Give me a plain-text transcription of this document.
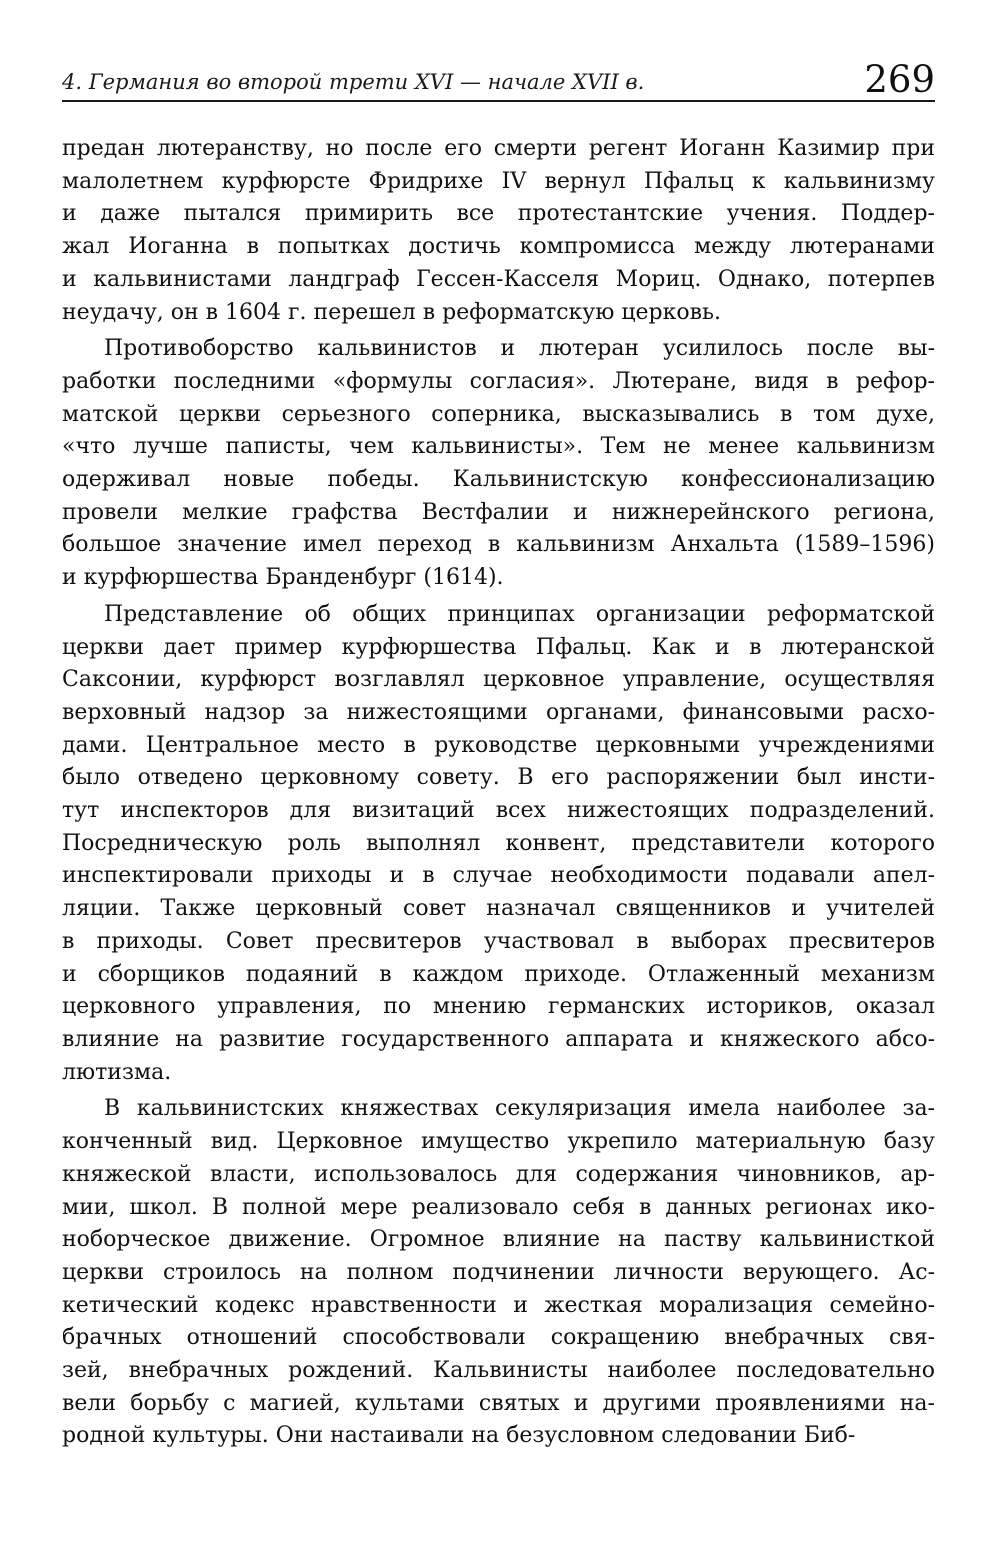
4. Германия во второй трети XVI — начале XVII в.	269

предан лютеранству, но после его смерти регент Иоганн Казимир при
малолетнем курфюрсте Фридрихе IV вернул Пфальц к кальвинизму
и даже пытался примирить все протестантские учения. Поддер-
жал Иоганна в попытках достичь компромисса между лютеранами
и кальвинистами ландграф Гессен-Касселя Мориц. Однако, потерпев
неудачу, он в 1604 г. перешел в реформатскую церковь.

Противоборство кальвинистов и лютеран усилилось после вы-
работки последними «формулы согласия». Лютеране, видя в рефор-
матской церкви серьезного соперника, высказывались в том духе,
«что лучше паписты, чем кальвинисты». Тем не менее кальвинизм
одерживал новые победы. Кальвинистскую конфессионализацию
провели мелкие графства Вестфалии и нижнерейнского региона,
большое значение имел переход в кальвинизм Анхальта (1589–1596)
и курфюршества Бранденбург (1614).

Представление об общих принципах организации реформатской
церкви дает пример курфюршества Пфальц. Как и в лютеранской
Саксонии, курфюрст возглавлял церковное управление, осуществляя
верховный надзор за нижестоящими органами, финансовыми расхо-
дами. Центральное место в руководстве церковными учреждениями
было отведено церковному совету. В его распоряжении был инсти-
тут инспекторов для визитаций всех нижестоящих подразделений.
Посредническую роль выполнял конвент, представители которого
инспектировали приходы и в случае необходимости подавали апел-
ляции. Также церковный совет назначал священников и учителей
в приходы. Совет пресвитеров участвовал в выборах пресвитеров
и сборщиков подаяний в каждом приходе. Отлаженный механизм
церковного управления, по мнению германских историков, оказал
влияние на развитие государственного аппарата и княжеского абсо-
лютизма.

В кальвинистских княжествах секуляризация имела наиболее за-
конченный вид. Церковное имущество укрепило материальную базу
княжеской власти, использовалось для содержания чиновников, ар-
мии, школ. В полной мере реализовало себя в данных регионах ико-
ноборческое движение. Огромное влияние на паству кальвинисткой
церкви строилось на полном подчинении личности верующего. Ас-
кетический кодекс нравственности и жесткая морализация семейно-
брачных отношений способствовали сокращению внебрачных свя-
зей, внебрачных рождений. Кальвинисты наиболее последовательно
вели борьбу с магией, культами святых и другими проявлениями на-
родной культуры. Они настаивали на безусловном следовании Биб-
